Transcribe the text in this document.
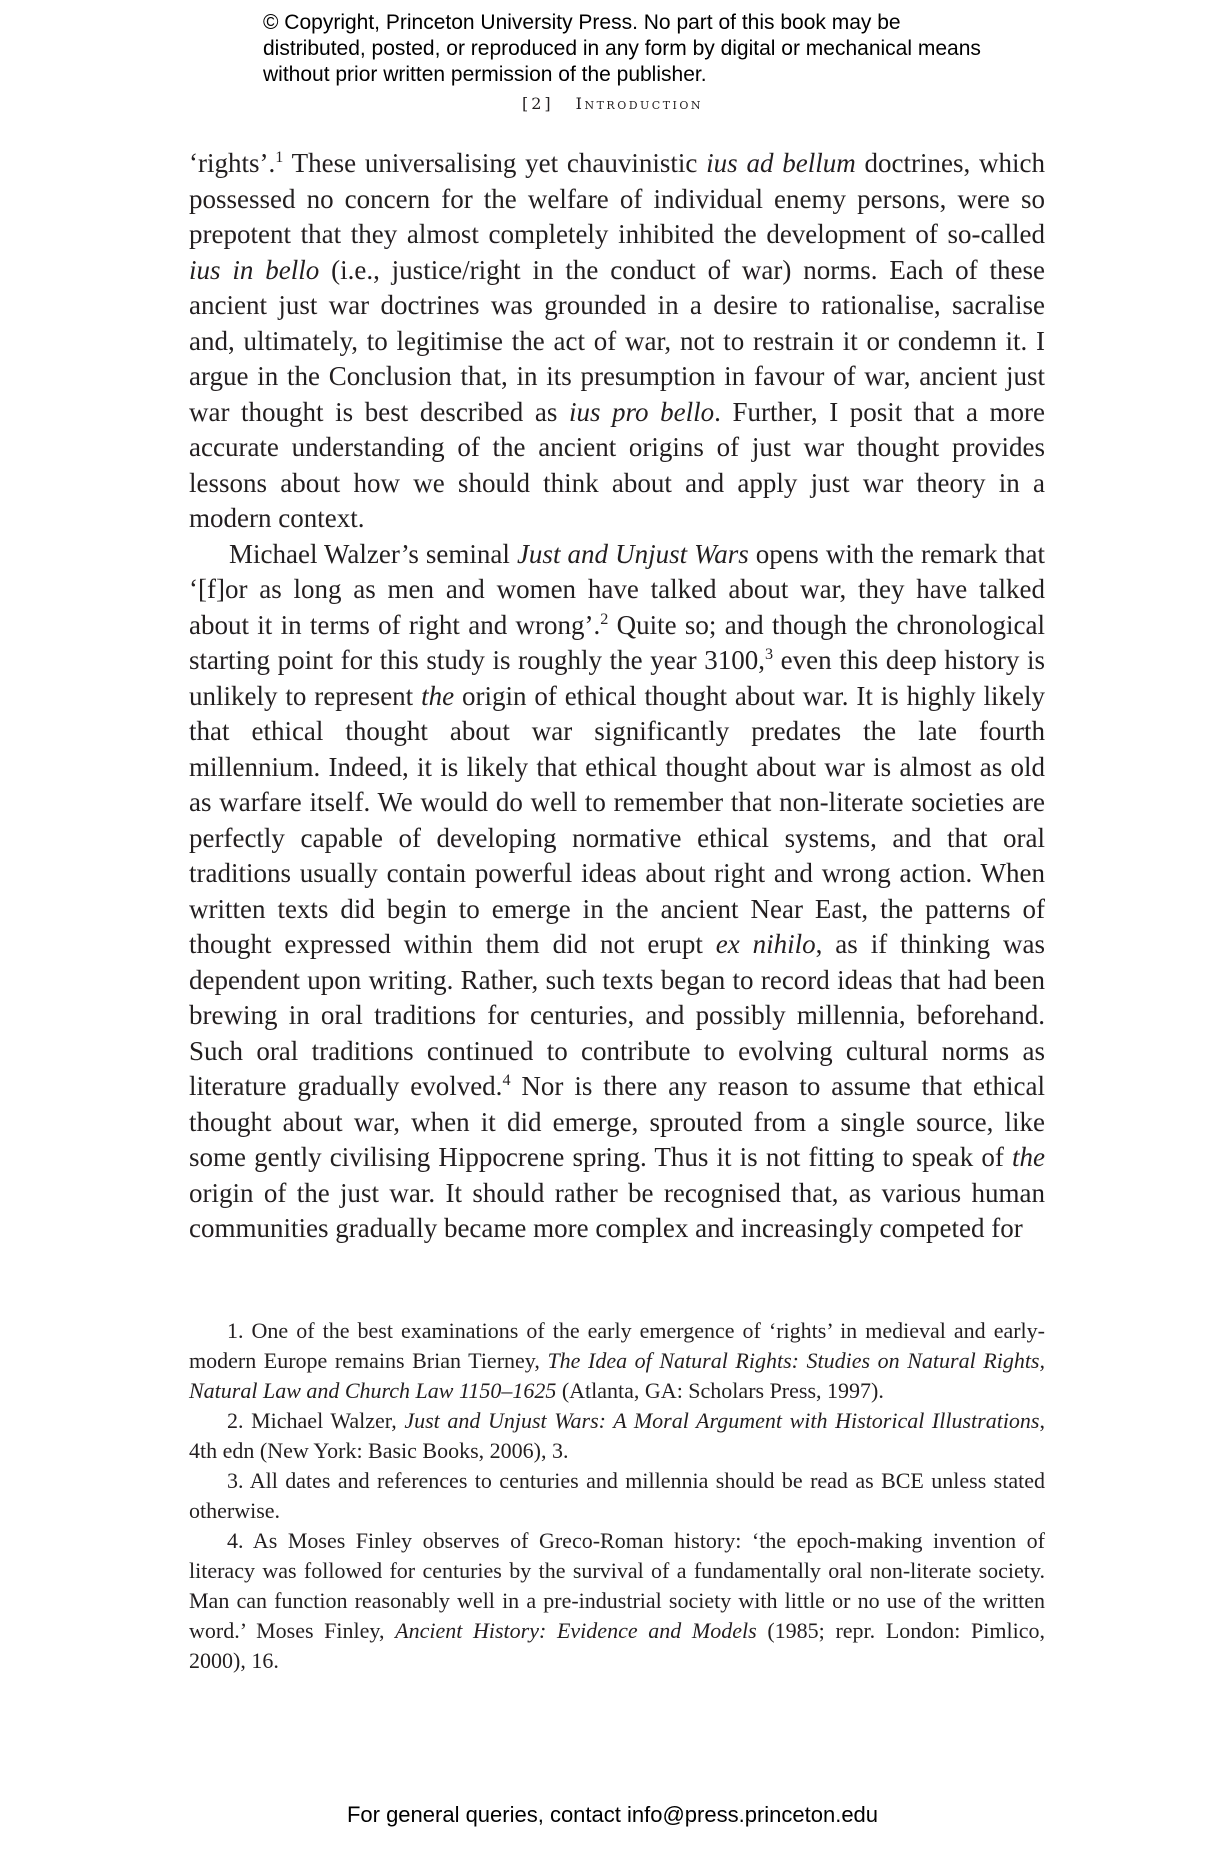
© Copyright, Princeton University Press. No part of this book may be distributed, posted, or reproduced in any form by digital or mechanical means without prior written permission of the publisher.
[2] Introduction

‘rights’.$^1$ These universalising yet chauvinistic ius ad bellum doctrines, which possessed no concern for the welfare of individual enemy persons, were so prepotent that they almost completely inhibited the development of so-called ius in bello (i.e., justice/right in the conduct of war) norms. Each of these ancient just war doctrines was grounded in a desire to rationalise, sacralise and, ultimately, to legitimise the act of war, not to restrain it or condemn it. I argue in the Conclusion that, in its presumption in favour of war, ancient just war thought is best described as ius pro bello. Further, I posit that a more accurate understanding of the ancient origins of just war thought provides lessons about how we should think about and apply just war theory in a modern context.

Michael Walzer’s seminal Just and Unjust Wars opens with the remark that ‘[f]or as long as men and women have talked about war, they have talked about it in terms of right and wrong’.$^2$ Quite so; and though the chronological starting point for this study is roughly the year 3100,$^3$ even this deep history is unlikely to represent the origin of ethical thought about war. It is highly likely that ethical thought about war significantly predates the late fourth millennium. Indeed, it is likely that ethical thought about war is almost as old as warfare itself. We would do well to remember that non-literate societies are perfectly capable of developing normative ethical systems, and that oral traditions usually contain powerful ideas about right and wrong action. When written texts did begin to emerge in the ancient Near East, the patterns of thought expressed within them did not erupt ex nihilo, as if thinking was dependent upon writing. Rather, such texts began to record ideas that had been brewing in oral traditions for centuries, and possibly millennia, beforehand. Such oral traditions continued to contribute to evolving cultural norms as literature gradually evolved.$^4$ Nor is there any reason to assume that ethical thought about war, when it did emerge, sprouted from a single source, like some gently civilising Hippocrene spring. Thus it is not fitting to speak of the origin of the just war. It should rather be recognised that, as various human communities gradually became more complex and increasingly competed for

1. One of the best examinations of the early emergence of ‘rights’ in medieval and early-modern Europe remains Brian Tierney, The Idea of Natural Rights: Studies on Natural Rights, Natural Law and Church Law 1150–1625 (Atlanta, GA: Scholars Press, 1997).

2. Michael Walzer, Just and Unjust Wars: A Moral Argument with Historical Illustrations, 4th edn (New York: Basic Books, 2006), 3.

3. All dates and references to centuries and millennia should be read as BCE unless stated otherwise.

4. As Moses Finley observes of Greco-Roman history: ‘the epoch-making invention of literacy was followed for centuries by the survival of a fundamentally oral non-literate society. Man can function reasonably well in a pre-industrial society with little or no use of the written word.’ Moses Finley, Ancient History: Evidence and Models (1985; repr. London: Pimlico, 2000), 16.

For general queries, contact info@press.princeton.edu
